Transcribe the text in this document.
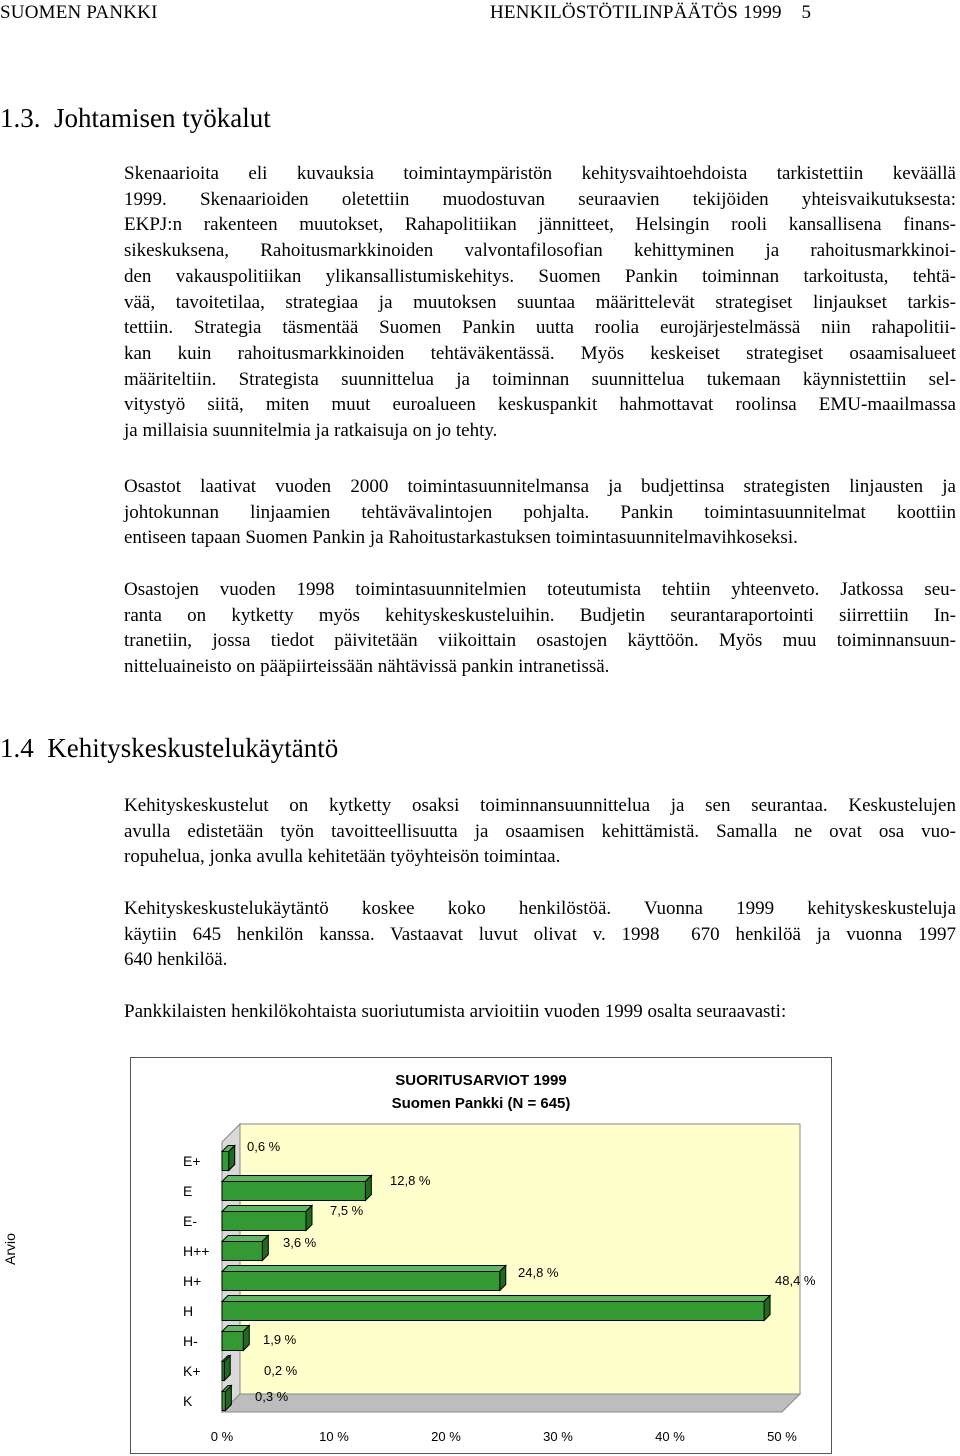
SUOMEN PANKKI	HENKILÖSTÖTILINPÄÄTÖS 1999    5
1.3.  Johtamisen työkalut
Skenaarioita eli kuvauksia toimintaympäristön kehitysvaihtoehdoista tarkistettiin keväällä
1999. Skenaarioiden oletettiin muodostuvan seuraavien tekijöiden yhteisvaikutuksesta:
EKPJ:n rakenteen muutokset, Rahapolitiikan jännitteet, Helsingin rooli kansallisena finans-
sikeskuksena, Rahoitusmarkkinoiden valvontafilosofian kehittyminen ja rahoitusmarkkinoi-
den vakauspolitiikan ylikansallistumiskehitys. Suomen Pankin toiminnan tarkoitusta, tehtä-
vää, tavoitetilaa, strategiaa ja muutoksen suuntaa määrittelevät strategiset linjaukset tarkis-
tettiin. Strategia täsmentää Suomen Pankin uutta roolia eurojärjestelmässä niin rahapolitii-
kan kuin rahoitusmarkkinoiden tehtäväkentässä. Myös keskeiset strategiset osaamisalueet
määriteltiin. Strategista suunnittelua ja toiminnan suunnittelua tukemaan käynnistettiin sel-
vitystyö siitä, miten muut euroalueen keskuspankit hahmottavat roolinsa EMU-maailmassa
ja millaisia suunnitelmia ja ratkaisuja on jo tehty.
Osastot laativat vuoden 2000 toimintasuunnitelmansa ja budjettinsa strategisten linjausten ja
johtokunnan linjaamien tehtävävalintojen pohjalta. Pankin toimintasuunnitelmat koottiin
entiseen tapaan Suomen Pankin ja Rahoitustarkastuksen toimintasuunnitelmavihkoseksi.
Osastojen vuoden 1998 toimintasuunnitelmien toteutumista tehtiin yhteenveto. Jatkossa seu-
ranta on kytketty myös kehityskeskusteluihin. Budjetin seurantaraportointi siirrettiin In-
tranetiin, jossa tiedot päivitetään viikoittain osastojen käyttöön. Myös muu toiminnansuun-
nitteluaineisto on pääpiirteissään nähtävissä pankin intranetissä.
1.4  Kehityskeskustelukäytäntö
Kehityskeskustelut on kytketty osaksi toiminnansuunnittelua ja sen seurantaa. Keskustelujen
avulla edistetään työn tavoitteellisuutta ja osaamisen kehittämistä. Samalla ne ovat osa vuo-
ropuhelua, jonka avulla kehitetään työyhteisön toimintaa.
Kehityskeskustelukäytäntö koskee koko henkilöstöä. Vuonna 1999 kehityskeskusteluja
käytiin 645 henkilön kanssa. Vastaavat luvut olivat v. 1998  670 henkilöä ja vuonna 1997
640 henkilöä.
Pankkilaisten henkilökohtaista suoriutumista arvioitiin vuoden 1999 osalta seuraavasti:
SUORITUSARVIOT 1999
Suomen Pankki (N = 645)
Arvio
E+
0,6 %
E
12,8 %
E-
7,5 %
H++
3,6 %
H+
24,8 %
H
48,4 %
H-	1,9 %
K+	0,2 %
K	0,3 %
0 %	10 %	20 %	30 %	40 %	50 %
